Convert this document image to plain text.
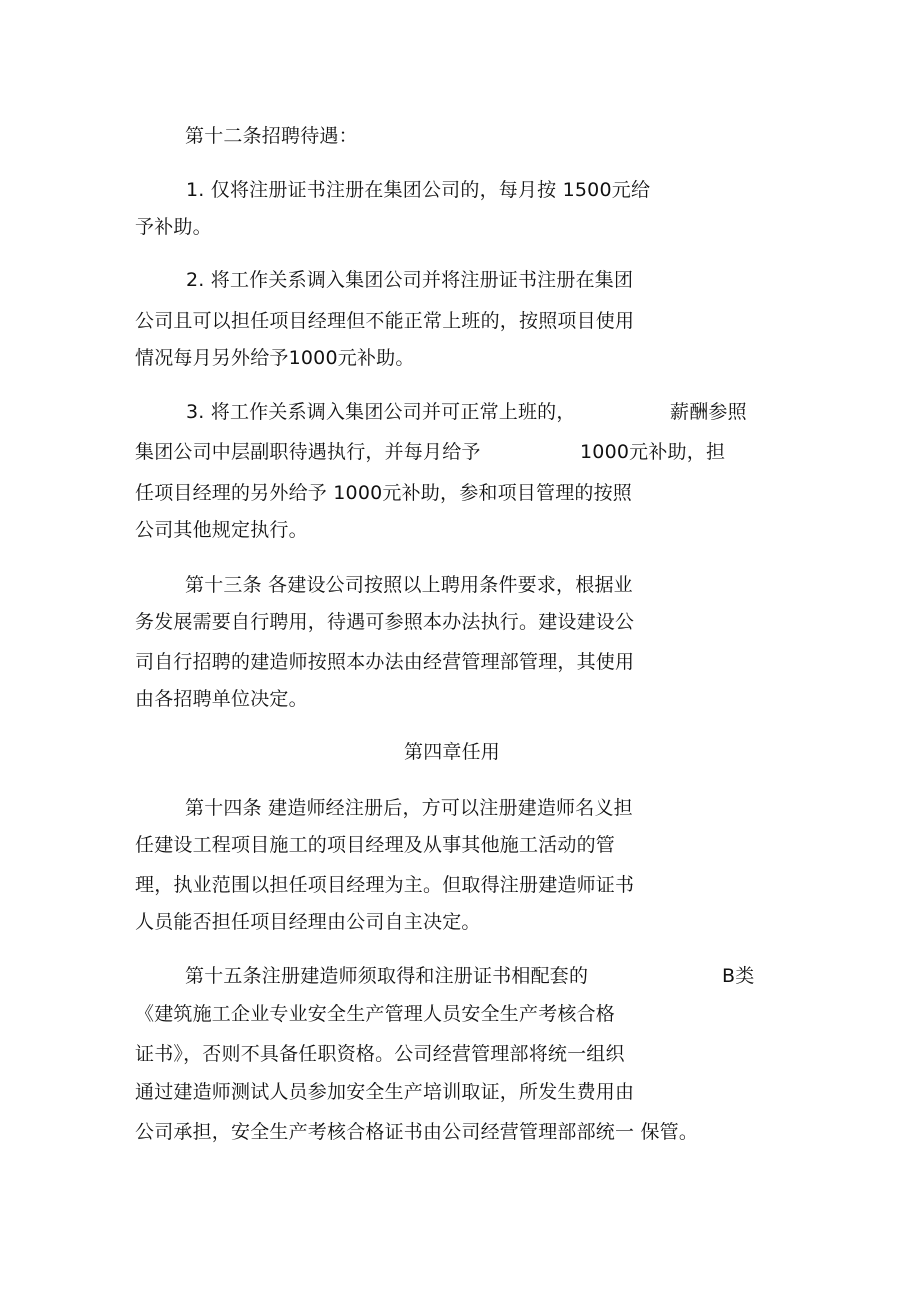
第十二条招聘待遇：
1. 仅将注册证书注册在集团公司的，每月按 1500元给
予补助。
2. 将工作关系调入集团公司并将注册证书注册在集团
公司且可以担任项目经理但不能正常上班的，按照项目使用
情况每月另外给予1000元补助。
3. 将工作关系调入集团公司并可正常上班的，	薪酬参照
集团公司中层副职待遇执行，并每月给予	1000元补助，担
任项目经理的另外给予 1000元补助，参和项目管理的按照
公司其他规定执行。
第十三条 各建设公司按照以上聘用条件要求，根据业
务发展需要自行聘用，待遇可参照本办法执行。建设建设公
司自行招聘的建造师按照本办法由经营管理部管理，其使用
由各招聘单位决定。
第四章任用
第十四条 建造师经注册后，方可以注册建造师名义担
任建设工程项目施工的项目经理及从事其他施工活动的管
理，执业范围以担任项目经理为主。但取得注册建造师证书
人员能否担任项目经理由公司自主决定。
第十五条注册建造师须取得和注册证书相配套的	B类
《建筑施工企业专业安全生产管理人员安全生产考核合格
证书》，否则不具备任职资格。公司经营管理部将统一组织
通过建造师测试人员参加安全生产培训取证，所发生费用由
公司承担，安全生产考核合格证书由公司经营管理部部统一 保管。
